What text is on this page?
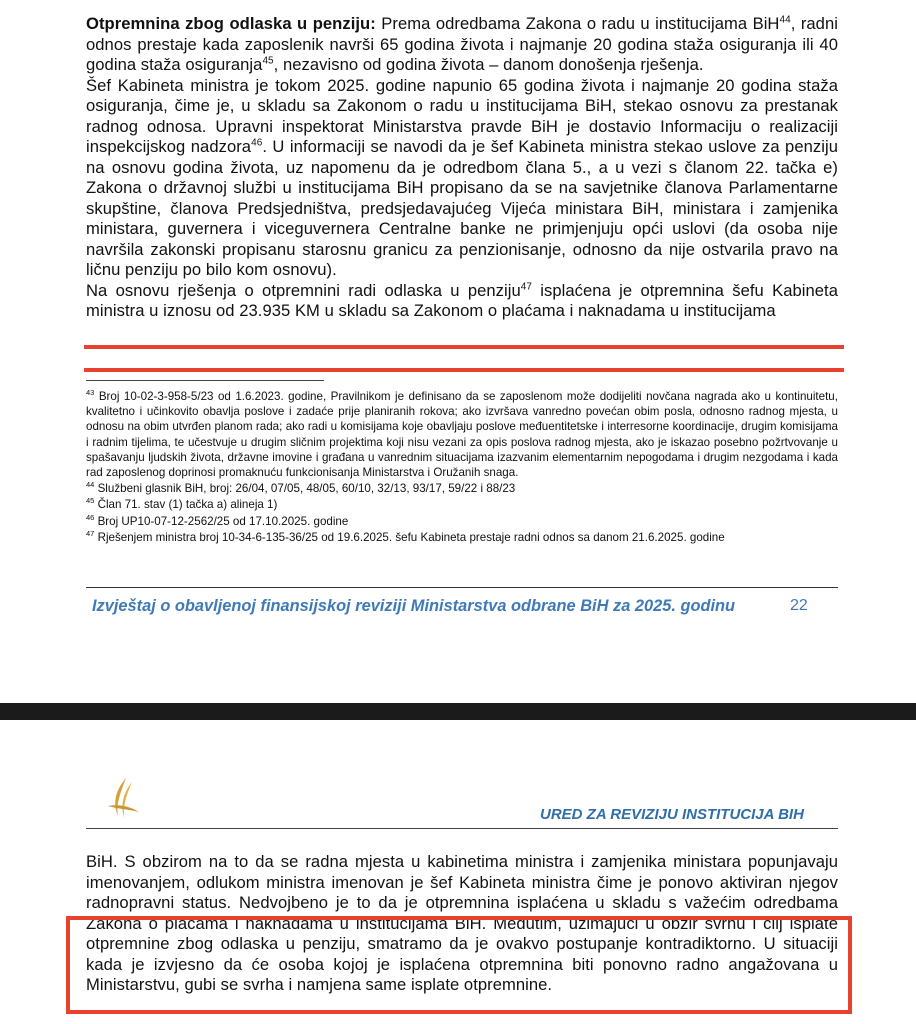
Otpremnina zbog odlaska u penziju: Prema odredbama Zakona o radu u institucijama BiH$^{44}$, radni odnos prestaje kada zaposlenik navrši 65 godina života i najmanje 20 godina staža osiguranja ili 40 godina staža osiguranja$^{45}$, nezavisno od godina života – danom donošenja rješenja.

Šef Kabineta ministra je tokom 2025. godine napunio 65 godina života i najmanje 20 godina staža osiguranja, čime je, u skladu sa Zakonom o radu u institucijama BiH, stekao osnovu za prestanak radnog odnosa. Upravni inspektorat Ministarstva pravde BiH je dostavio Informaciju o realizaciji inspekcijskog nadzora$^{46}$. U informaciji se navodi da je šef Kabineta ministra stekao uslove za penziju na osnovu godina života, uz napomenu da je odredbom člana 5., a u vezi s članom 22. tačka e) Zakona o državnoj službi u institucijama BiH propisano da se na savjetnike članova Parlamentarne skupštine, članova Predsjedništva, predsjedavajućeg Vijeća ministara BiH, ministara i zamjenika ministara, guvernera i viceguvernera Centralne banke ne primjenjuju opći uslovi (da osoba nije navršila zakonski propisanu starosnu granicu za penzionisanje, odnosno da nije ostvarila pravo na ličnu penziju po bilo kom osnovu).

Na osnovu rješenja o otpremnini radi odlaska u penziju$^{47}$ isplaćena je otpremnina šefu Kabineta ministra u iznosu od 23.935 KM u skladu sa Zakonom o plaćama i naknadama u institucijama

$^{43}$ Broj 10-02-3-958-5/23 od 1.6.2023. godine, Pravilnikom je definisano da se zaposlenom može dodijeliti novčana nagrada ako u kontinuitetu, kvalitetno i učinkovito obavlja poslove i zadaće prije planiranih rokova; ako izvršava vanredno povećan obim posla, odnosno radnog mjesta, u odnosu na obim utvrđen planom rada; ako radi u komisijama koje obavljaju poslove međuentitetske i interresorne koordinacije, drugim komisijama i radnim tijelima, te učestvuje u drugim sličnim projektima koji nisu vezani za opis poslova radnog mjesta, ako je iskazao posebno požrtvovanje u spašavanju ljudskih života, državne imovine i građana u vanrednim situacijama izazvanim elementarnim nepogodama i drugim nezgodama i kada rad zaposlenog doprinosi promaknuću funkcionisanja Ministarstva i Oružanih snaga.

$^{44}$ Službeni glasnik BiH, broj: 26/04, 07/05, 48/05, 60/10, 32/13, 93/17, 59/22 i 88/23

$^{45}$ Član 71. stav (1) tačka a) alineja 1)

$^{46}$ Broj UP10-07-12-2562/25 od 17.10.2025. godine

$^{47}$ Rješenjem ministra broj 10-34-6-135-36/25 od 19.6.2025. šefu Kabineta prestaje radni odnos sa danom 21.6.2025. godine

Izvještaj o obavljenoj finansijskoj reviziji Ministarstva odbrane BiH za 2025. godinu	22
URED ZA REVIZIJU INSTITUCIJA BIH

BiH. S obzirom na to da se radna mjesta u kabinetima ministra i zamjenika ministara popunjavaju imenovanjem, odlukom ministra imenovan je šef Kabineta ministra čime je ponovo aktiviran njegov radnopravni status. Nedvojbeno je to da je otpremnina isplaćena u skladu s važećim odredbama Zakona o plaćama i naknadama u institucijama BiH. Međutim, uzimajući u obzir svrhu i cilj isplate otpremnine zbog odlaska u penziju, smatramo da je ovakvo postupanje kontradiktorno. U situaciji kada je izvjesno da će osoba kojoj je isplaćena otpremnina biti ponovno radno angažovana u Ministarstvu, gubi se svrha i namjena same isplate otpremnine.
